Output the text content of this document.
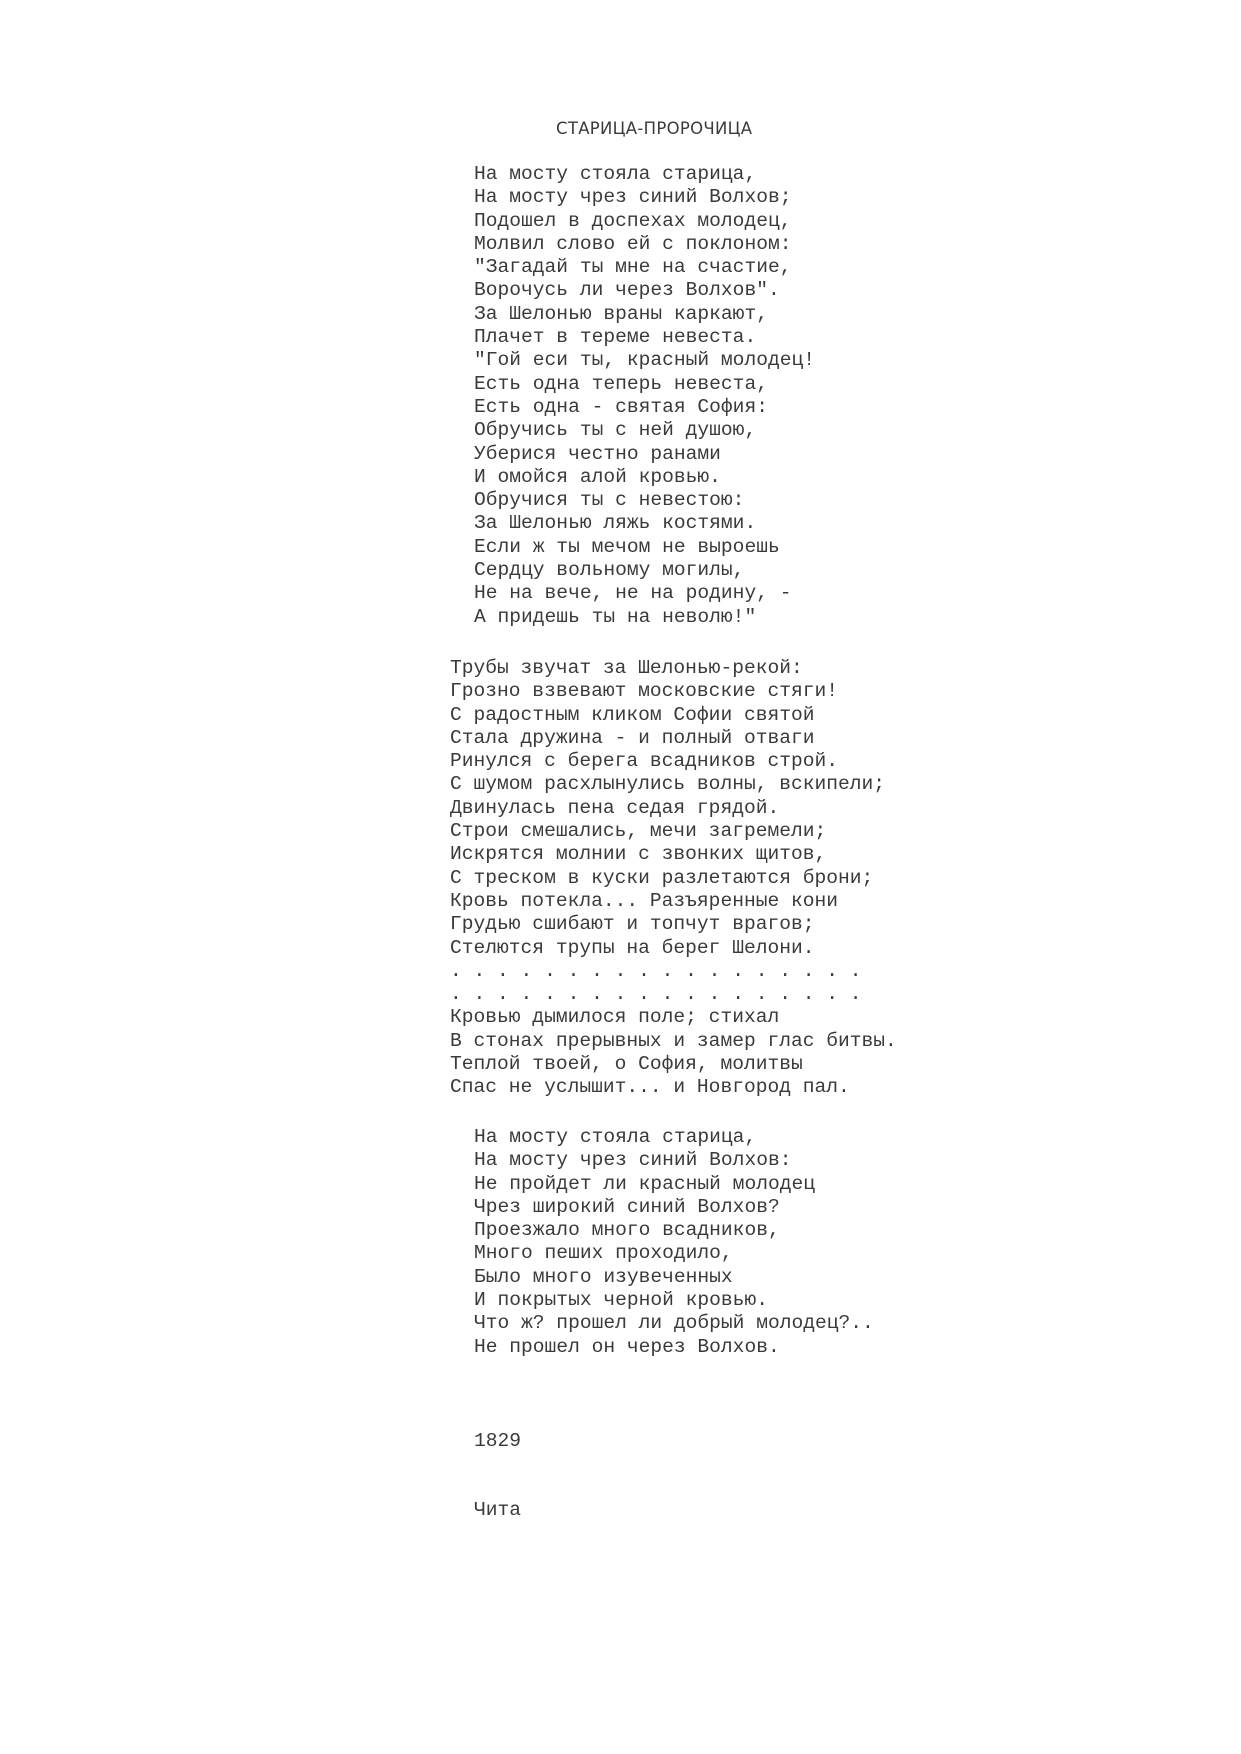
СТАРИЦА-ПРОРОЧИЦА
На мосту стояла старица,
На мосту чрез синий Волхов;
Подошел в доспехах молодец,
Молвил слово ей с поклоном:
"Загадай ты мне на счастие,
Ворочусь ли через Волхов".
За Шелонью враны каркают,
Плачет в тереме невеста.
"Гой еси ты, красный молодец!
Есть одна теперь невеста,
Есть одна - святая София:
Обручись ты с ней душою,
Уберися честно ранами
И омойся алой кровью.
Обручися ты с невестою:
За Шелонью ляжь костями.
Если ж ты мечом не выроешь
Сердцу вольному могилы,
Не на вече, не на родину, -
А придешь ты на неволю!"
Трубы звучат за Шелонью-рекой:
Грозно взвевают московские стяги!
С радостным кликом Софии святой
Стала дружина - и полный отваги
Ринулся с берега всадников строй.
С шумом расхлынулись волны, вскипели;
Двинулась пена седая грядой.
Строи смешались, мечи загремели;
Искрятся молнии с звонких щитов,
С треском в куски разлетаются брони;
Кровь потекла... Разъяренные кони
Грудью сшибают и топчут врагов;
Стелются трупы на берег Шелони.
. . . . . . . . . . . . . . . . . .
. . . . . . . . . . . . . . . . . .
Кровью дымилося поле; стихал
В стонах прерывных и замер глас битвы.
Теплой твоей, о София, молитвы
Спас не услышит... и Новгород пал.
На мосту стояла старица,
На мосту чрез синий Волхов:
Не пройдет ли красный молодец
Чрез широкий синий Волхов?
Проезжало много всадников,
Много пеших проходило,
Было много изувеченных
И покрытых черной кровью.
Что ж? прошел ли добрый молодец?..
Не прошел он через Волхов.

1829

Чита
